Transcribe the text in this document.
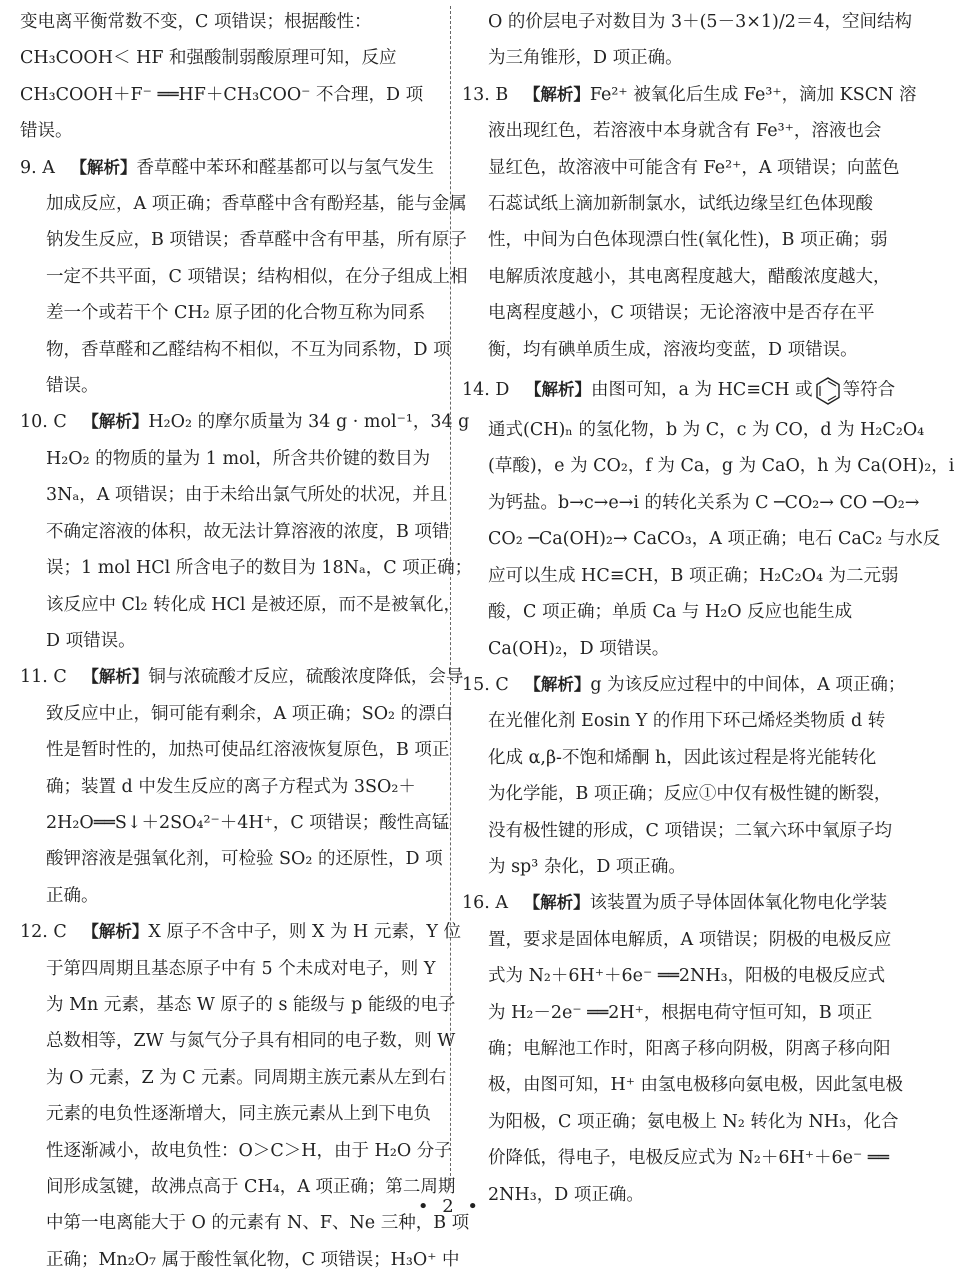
变电离平衡常数不变，C 项错误；根据酸性：
CH₃COOH＜ HF 和强酸制弱酸原理可知，反应
CH₃COOH＋F⁻ ══HF＋CH₃COO⁻ 不合理，D 项
错误。
9. A 【解析】香草醛中苯环和醛基都可以与氢气发生
加成反应，A 项正确；香草醛中含有酚羟基，能与金属
钠发生反应，B 项错误；香草醛中含有甲基，所有原子
一定不共平面，C 项错误；结构相似，在分子组成上相
差一个或若干个 CH₂ 原子团的化合物互称为同系
物，香草醛和乙醛结构不相似，不互为同系物，D 项
错误。
10. C 【解析】H₂O₂ 的摩尔质量为 34 g · mol⁻¹，34 g
H₂O₂ 的物质的量为 1 mol，所含共价键的数目为
3Nₐ，A 项错误；由于未给出氯气所处的状况，并且
不确定溶液的体积，故无法计算溶液的浓度，B 项错
误；1 mol HCl 所含电子的数目为 18Nₐ，C 项正确；
该反应中 Cl₂ 转化成 HCl 是被还原，而不是被氧化，
D 项错误。
11. C 【解析】铜与浓硫酸才反应，硫酸浓度降低，会导
致反应中止，铜可能有剩余，A 项正确；SO₂ 的漂白
性是暂时性的，加热可使品红溶液恢复原色，B 项正
确；装置 d 中发生反应的离子方程式为 3SO₂＋
2H₂O══S↓＋2SO₄²⁻＋4H⁺，C 项错误；酸性高锰
酸钾溶液是强氧化剂，可检验 SO₂ 的还原性，D 项
正确。
12. C 【解析】X 原子不含中子，则 X 为 H 元素，Y 位
于第四周期且基态原子中有 5 个未成对电子，则 Y
为 Mn 元素，基态 W 原子的 s 能级与 p 能级的电子
总数相等，ZW 与氮气分子具有相同的电子数，则 W
为 O 元素，Z 为 C 元素。同周期主族元素从左到右
元素的电负性逐渐增大，同主族元素从上到下电负
性逐渐减小，故电负性：O＞C＞H，由于 H₂O 分子
间形成氢键，故沸点高于 CH₄，A 项正确；第二周期
中第一电离能大于 O 的元素有 N、F、Ne 三种，B 项
正确；Mn₂O₇ 属于酸性氧化物，C 项错误；H₃O⁺ 中
O 的价层电子对数目为 3＋(5－3×1)/2＝4，空间结构
为三角锥形，D 项正确。
13. B 【解析】Fe²⁺ 被氧化后生成 Fe³⁺，滴加 KSCN 溶
液出现红色，若溶液中本身就含有 Fe³⁺，溶液也会
显红色，故溶液中可能含有 Fe²⁺，A 项错误；向蓝色
石蕊试纸上滴加新制氯水，试纸边缘呈红色体现酸
性，中间为白色体现漂白性(氧化性)，B 项正确；弱
电解质浓度越小，其电离程度越大，醋酸浓度越大，
电离程度越小，C 项错误；无论溶液中是否存在平
衡，均有碘单质生成，溶液均变蓝，D 项错误。
14. D 【解析】由图可知，a 为 HC≡CH 或 等符合
通式(CH)ₙ 的氢化物，b 为 C，c 为 CO，d 为 H₂C₂O₄
(草酸)，e 为 CO₂，f 为 Ca，g 为 CaO，h 为 Ca(OH)₂，i
为钙盐。b→c→e→i 的转化关系为 C ─CO₂→ CO ─O₂→
CO₂ ─Ca(OH)₂→ CaCO₃，A 项正确；电石 CaC₂ 与水反
应可以生成 HC≡CH，B 项正确；H₂C₂O₄ 为二元弱
酸，C 项正确；单质 Ca 与 H₂O 反应也能生成
Ca(OH)₂，D 项错误。
15. C 【解析】g 为该反应过程中的中间体，A 项正确；
在光催化剂 Eosin Y 的作用下环己烯烃类物质 d 转
化成 α,β-不饱和烯酮 h，因此该过程是将光能转化
为化学能，B 项正确；反应①中仅有极性键的断裂，
没有极性键的形成，C 项错误；二氧六环中氧原子均
为 sp³ 杂化，D 项正确。
16. A 【解析】该装置为质子导体固体氧化物电化学装
置，要求是固体电解质，A 项错误；阴极的电极反应
式为 N₂＋6H⁺＋6e⁻ ══2NH₃，阳极的电极反应式
为 H₂－2e⁻ ══2H⁺，根据电荷守恒可知，B 项正
确；电解池工作时，阳离子移向阴极，阴离子移向阳
极，由图可知，H⁺ 由氢电极移向氨电极，因此氢电极
为阳极，C 项正确；氨电极上 N₂ 转化为 NH₃，化合
价降低，得电子，电极反应式为 N₂＋6H⁺＋6e⁻ ══
2NH₃，D 项正确。
• 2 •
